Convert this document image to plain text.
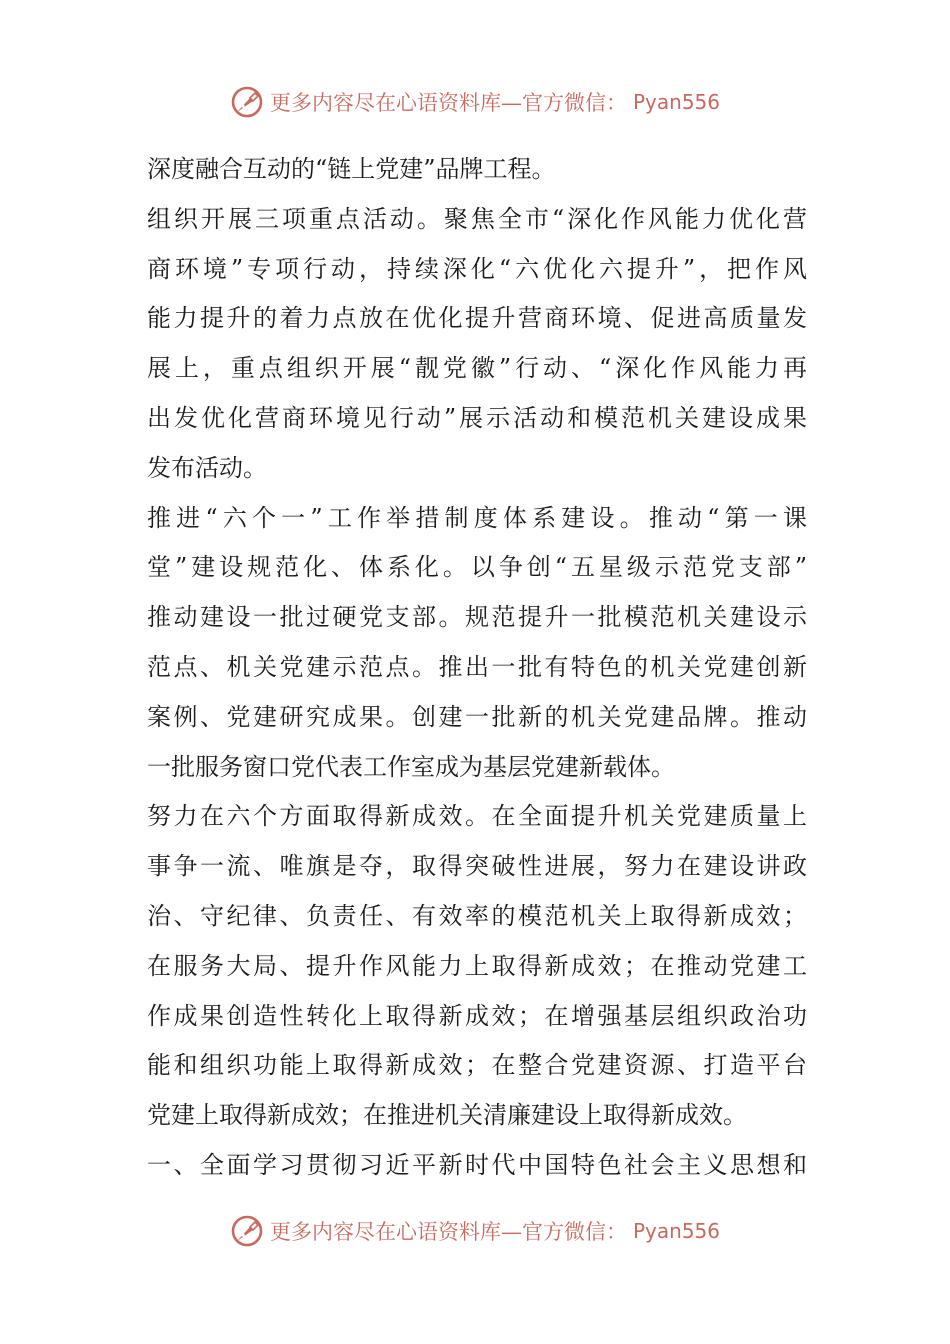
更多内容尽在心语资料库—官方微信： Pyan556
深度融合互动的“链上党建”品牌工程。
组织开展三项重点活动。聚焦全市“深化作风能力优化营
商环境”专项行动，持续深化“六优化六提升”，把作风
能力提升的着力点放在优化提升营商环境、促进高质量发
展上，重点组织开展“靓党徽”行动、“深化作风能力再
出发优化营商环境见行动”展示活动和模范机关建设成果
发布活动。
推进“六个一”工作举措制度体系建设。推动“第一课
堂”建设规范化、体系化。以争创“五星级示范党支部”
推动建设一批过硬党支部。规范提升一批模范机关建设示
范点、机关党建示范点。推出一批有特色的机关党建创新
案例、党建研究成果。创建一批新的机关党建品牌。推动
一批服务窗口党代表工作室成为基层党建新载体。
努力在六个方面取得新成效。在全面提升机关党建质量上
事争一流、唯旗是夺，取得突破性进展，努力在建设讲政
治、守纪律、负责任、有效率的模范机关上取得新成效；
在服务大局、提升作风能力上取得新成效；在推动党建工
作成果创造性转化上取得新成效；在增强基层组织政治功
能和组织功能上取得新成效；在整合党建资源、打造平台
党建上取得新成效；在推进机关清廉建设上取得新成效。
一、全面学习贯彻习近平新时代中国特色社会主义思想和
更多内容尽在心语资料库—官方微信： Pyan556
